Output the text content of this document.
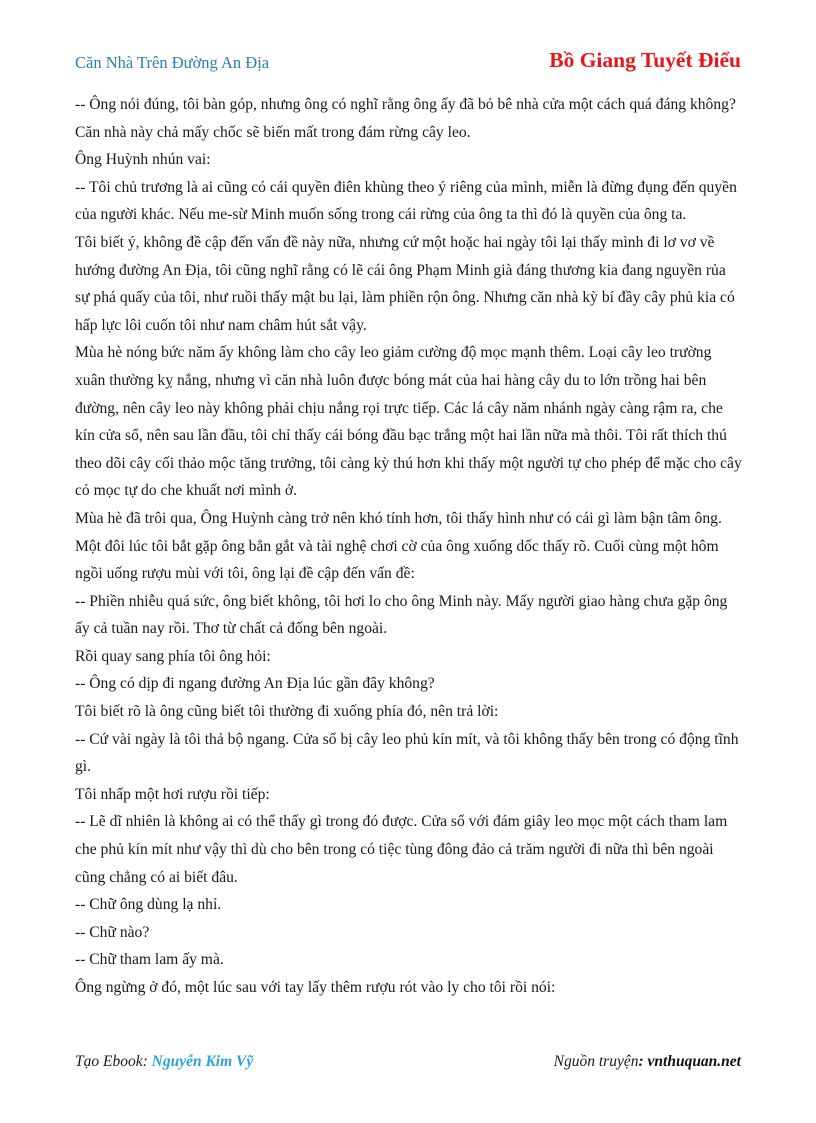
Căn Nhà Trên Đường An Địa	Bồ Giang Tuyết Điểu

-- Ông nói đúng, tôi bàn góp, nhưng ông có nghĩ rằng ông ấy đã bỏ bê nhà cửa một cách quá đáng không? Căn nhà này chả mấy chốc sẽ biến mất trong đám rừng cây leo.

Ông Huỳnh nhún vai:

-- Tôi chủ trương là ai cũng có cái quyền điên khùng theo ý riêng của mình, miễn là đừng đụng đến quyền của người khác. Nếu me-sừ Minh muốn sống trong cái rừng của ông ta thì đó là quyền của ông ta.

Tôi biết ý, không đề cập đến vấn đề này nữa, nhưng cứ một hoặc hai ngày tôi lại thấy mình đi lơ vơ về hướng đường An Địa, tôi cũng nghĩ rằng có lẽ cái ông Phạm Minh già đáng thương kia đang nguyền rủa sự phá quấy của tôi, như ruồi thấy mật bu lại, làm phiền rộn ông. Nhưng căn nhà kỳ bí đầy cây phủ kia có hấp lực lôi cuốn tôi như nam châm hút sắt vậy.

Mùa hè nóng bức năm ấy không làm cho cây leo giảm cường độ mọc mạnh thêm. Loại cây leo trường xuân thường kỵ nắng, nhưng vì căn nhà luôn được bóng mát của hai hàng cây du to lớn trồng hai bên đường, nên cây leo này không phải chịu nắng rọi trực tiếp. Các lá cây năm nhánh ngày càng rậm ra, che kín cửa sổ, nên sau lần đầu, tôi chỉ thấy cái bóng đầu bạc trắng một hai lần nữa mà thôi. Tôi rất thích thú theo dõi cây cối thảo mộc tăng trưởng, tôi càng kỳ thú hơn khi thấy một người tự cho phép để mặc cho cây cỏ mọc tự do che khuất nơi mình ở.

Mùa hè đã trôi qua, Ông Huỳnh càng trở nên khó tính hơn, tôi thấy hình như có cái gì làm bận tâm ông. Một đôi lúc tôi bắt gặp ông bẳn gắt và tài nghệ chơi cờ của ông xuống dốc thấy rõ. Cuối cùng một hôm ngồi uống rượu mùi với tôi, ông lại đề cập đến vấn đề:

-- Phiền nhiễu quá sức, ông biết không, tôi hơi lo cho ông Minh này. Mấy người giao hàng chưa gặp ông ấy cả tuần nay rồi. Thơ từ chất cả đống bên ngoài.

Rồi quay sang phía tôi ông hỏi:

-- Ông có dịp đi ngang đường An Địa lúc gần đây không?

Tôi biết rõ là ông cũng biết tôi thường đi xuống phía đó, nên trả lời:

-- Cứ vài ngày là tôi thả bộ ngang. Cửa sổ bị cây leo phủ kín mít, và tôi không thấy bên trong có động tĩnh gì.

Tôi nhấp một hơi rượu rồi tiếp:

-- Lẽ dĩ nhiên là không ai có thể thấy gì trong đó được. Cửa sổ với đám giây leo mọc một cách tham lam che phủ kín mít như vậy thì dù cho bên trong có tiệc tùng đông đảo cả trăm người đi nữa thì bên ngoài cũng chẳng có ai biết đâu.

-- Chữ ông dùng lạ nhỉ.

-- Chữ nào?

-- Chữ tham lam ấy mà.

Ông ngừng ở đó, một lúc sau với tay lấy thêm rượu rót vào ly cho tôi rồi nói:

Tạo Ebook: Nguyễn Kim Vỹ	Nguồn truyện: vnthuquan.net
